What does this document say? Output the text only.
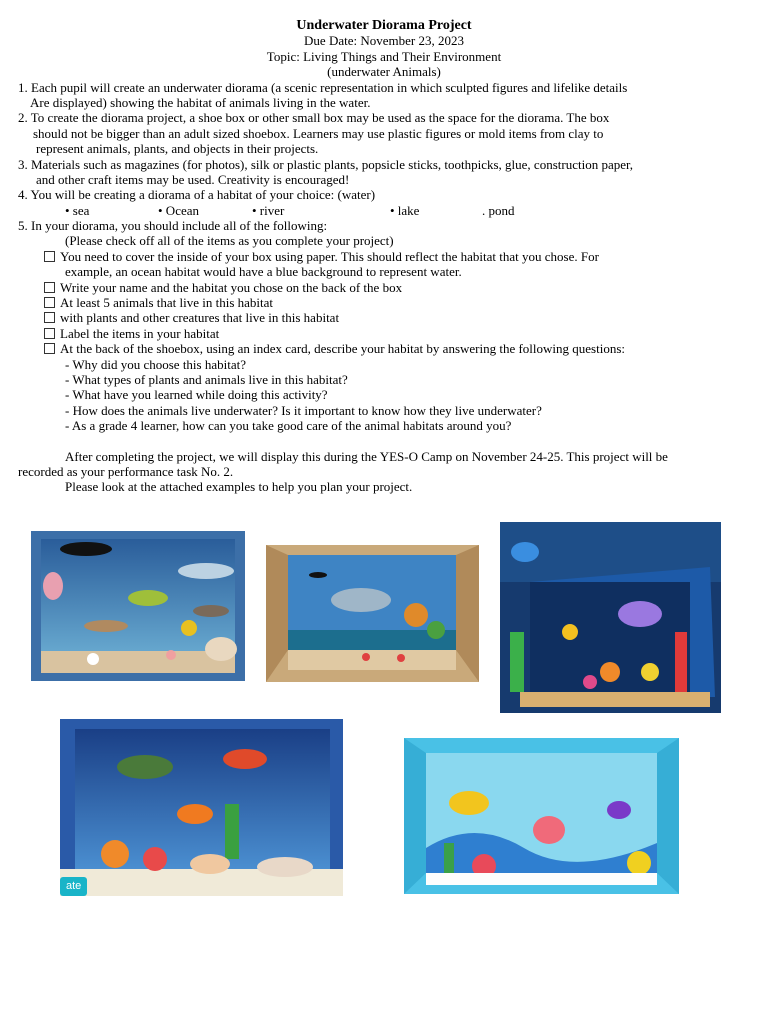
Underwater Diorama Project
Due Date: November 23, 2023
Topic: Living Things and Their Environment
(underwater Animals)
1. Each pupil will create an underwater diorama (a scenic representation in which sculpted figures and lifelike details
Are displayed) showing the habitat of animals living in the water.
2. To create the diorama project, a shoe box or other small box may be used as the space for the diorama. The box
should not be bigger than an adult sized shoebox. Learners may use plastic figures or mold items from clay to
represent animals, plants, and objects in their projects.
3. Materials such as magazines (for photos), silk or plastic plants, popsicle sticks, toothpicks, glue, construction paper,
and other craft items may be used. Creativity is encouraged!
4. You will be creating a diorama of a habitat of your choice: (water)
• sea	• Ocean	• river	• lake	. pond
5. In your diorama, you should include all of the following:
(Please check off all of the items as you complete your project)
You need to cover the inside of your box using paper. This should reflect the habitat that you chose. For
example, an ocean habitat would have a blue background to represent water.
Write your name and the habitat you chose on the back of the box
At least 5 animals that live in this habitat
with plants and other creatures that live in this habitat
Label the items in your habitat
At the back of the shoebox, using an index card, describe your habitat by answering the following questions:
- Why did you choose this habitat?
- What types of plants and animals live in this habitat?
- What have you learned while doing this activity?
- How does the animals live underwater? Is it important to know how they live underwater?
- As a grade 4 learner, how can you take good care of the animal habitats around you?
After completing the project, we will display this during the YES-O Camp on November 24-25. This project will be
recorded as your performance task No. 2.
Please look at the attached examples to help you plan your project.
ate
